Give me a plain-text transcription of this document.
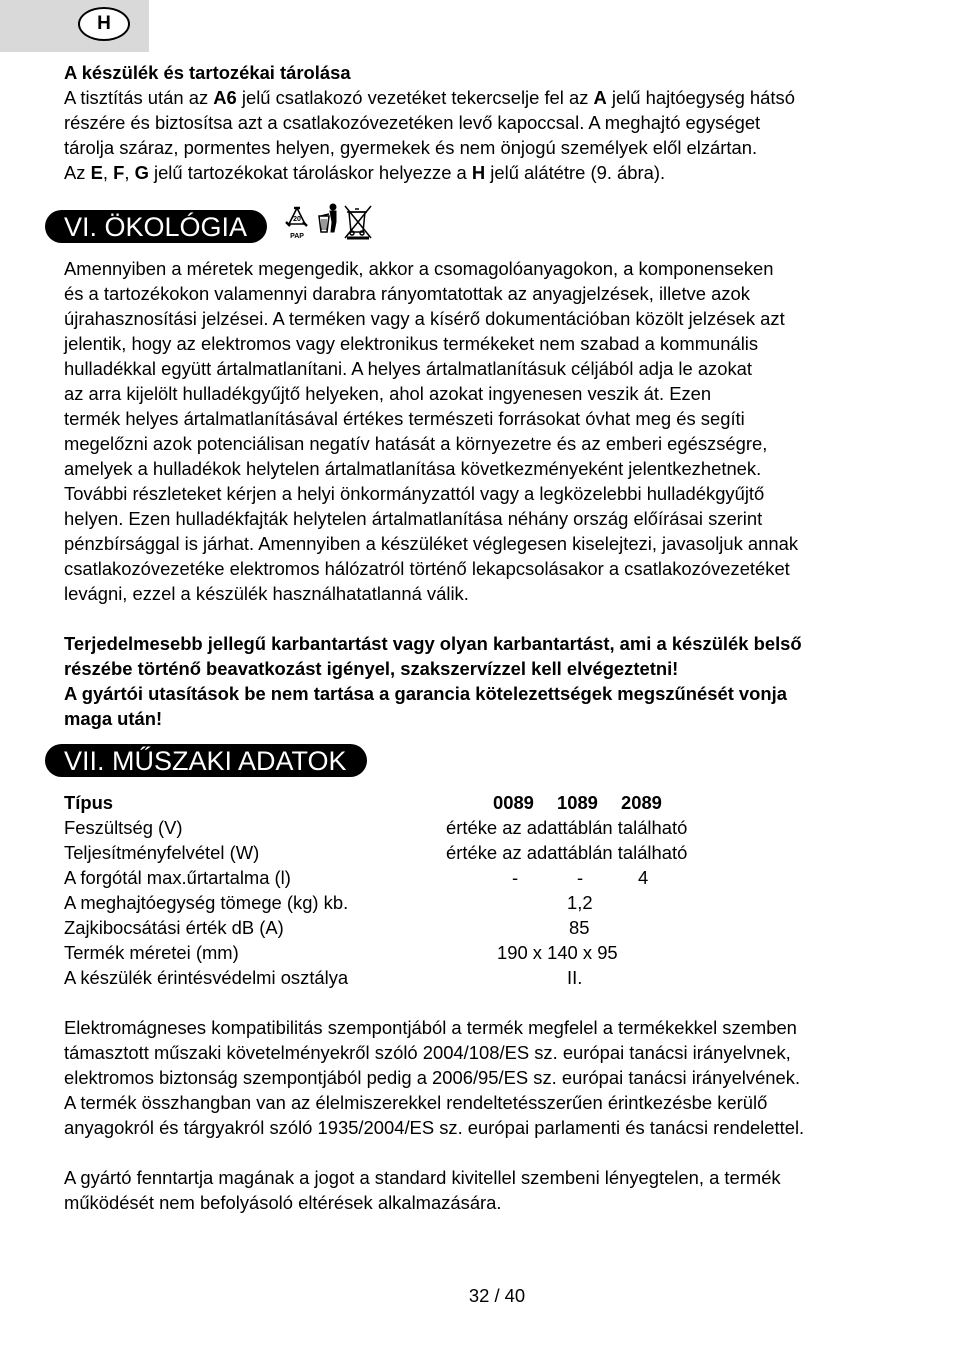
H

A készülék és tartozékai tárolása

A tisztítás után az A6 jelű csatlakozó vezetéket tekercselje fel az A jelű hajtóegység hátsó

részére és biztosítsa azt a csatlakozóvezetéken levő kapoccsal. A meghajtó egységet

tárolja száraz, pormentes helyen, gyermekek és nem önjogú személyek elől elzártan.

Az E, F, G jelű tartozékokat tároláskor helyezze a H jelű alátétre (9. ábra).

VI. ÖKOLÓGIA	20
PAP

Amennyiben a méretek megengedik, akkor a csomagolóanyagokon, a komponenseken

és a tartozékokon valamennyi darabra rányomtatottak az anyagjelzések, illetve azok

újrahasznosítási jelzései. A terméken vagy a kísérő dokumentációban közölt jelzések azt

jelentik, hogy az elektromos vagy elektronikus termékeket nem szabad a kommunális

hulladékkal együtt ártalmatlanítani. A helyes ártalmatlanításuk céljából adja le azokat

az arra kijelölt hulladékgyűjtő helyeken, ahol azokat ingyenesen veszik át. Ezen

termék helyes ártalmatlanításával értékes természeti forrásokat óvhat meg és segíti

megelőzni azok potenciálisan negatív hatását a környezetre és az emberi egészségre,

amelyek a hulladékok helytelen ártalmatlanítása következményeként jelentkezhetnek.

További részleteket kérjen a helyi önkormányzattól vagy a legközelebbi hulladékgyűjtő

helyen. Ezen hulladékfajták helytelen ártalmatlanítása néhány ország előírásai szerint

pénzbírsággal is járhat. Amennyiben a készüléket véglegesen kiselejtezi, javasoljuk annak

csatlakozóvezetéke elektromos hálózatról történő lekapcsolásakor a csatlakozóvezetéket

levágni, ezzel a készülék használhatatlanná válik.

Terjedelmesebb jellegű karbantartást vagy olyan karbantartást, ami a készülék belső

részébe történő beavatkozást igényel, szakszervízzel kell elvégeztetni!

A gyártói utasítások be nem tartása a garancia kötelezettségek megszűnését vonja

maga után!

VII. MŰSZAKI ADATOK
Típus	0089 1089 2089
Feszültség (V)	értéke az adattáblán található
Teljesítményfelvétel (W)	értéke az adattáblán található
A forgótál max.űrtartalma (l)	-	-	4
A meghajtóegység tömege (kg) kb.	1,2
Zajkibocsátási érték dB (A)	85
Termék méretei (mm)	190 x 140 x 95
A készülék érintésvédelmi osztálya	II.

Elektromágneses kompatibilitás szempontjából a termék megfelel a termékekkel szemben

támasztott műszaki követelményekről szóló 2004/108/ES sz. európai tanácsi irányelvnek,

elektromos biztonság szempontjából pedig a 2006/95/ES sz. európai tanácsi irányelvének.

A termék összhangban van az élelmiszerekkel rendeltetésszerűen érintkezésbe kerülő

anyagokról és tárgyakról szóló 1935/2004/ES sz. európai parlamenti és tanácsi rendelettel.

A gyártó fenntartja magának a jogot a standard kivitellel szembeni lényegtelen, a termék

működését nem befolyásoló eltérések alkalmazására.

32 / 40
